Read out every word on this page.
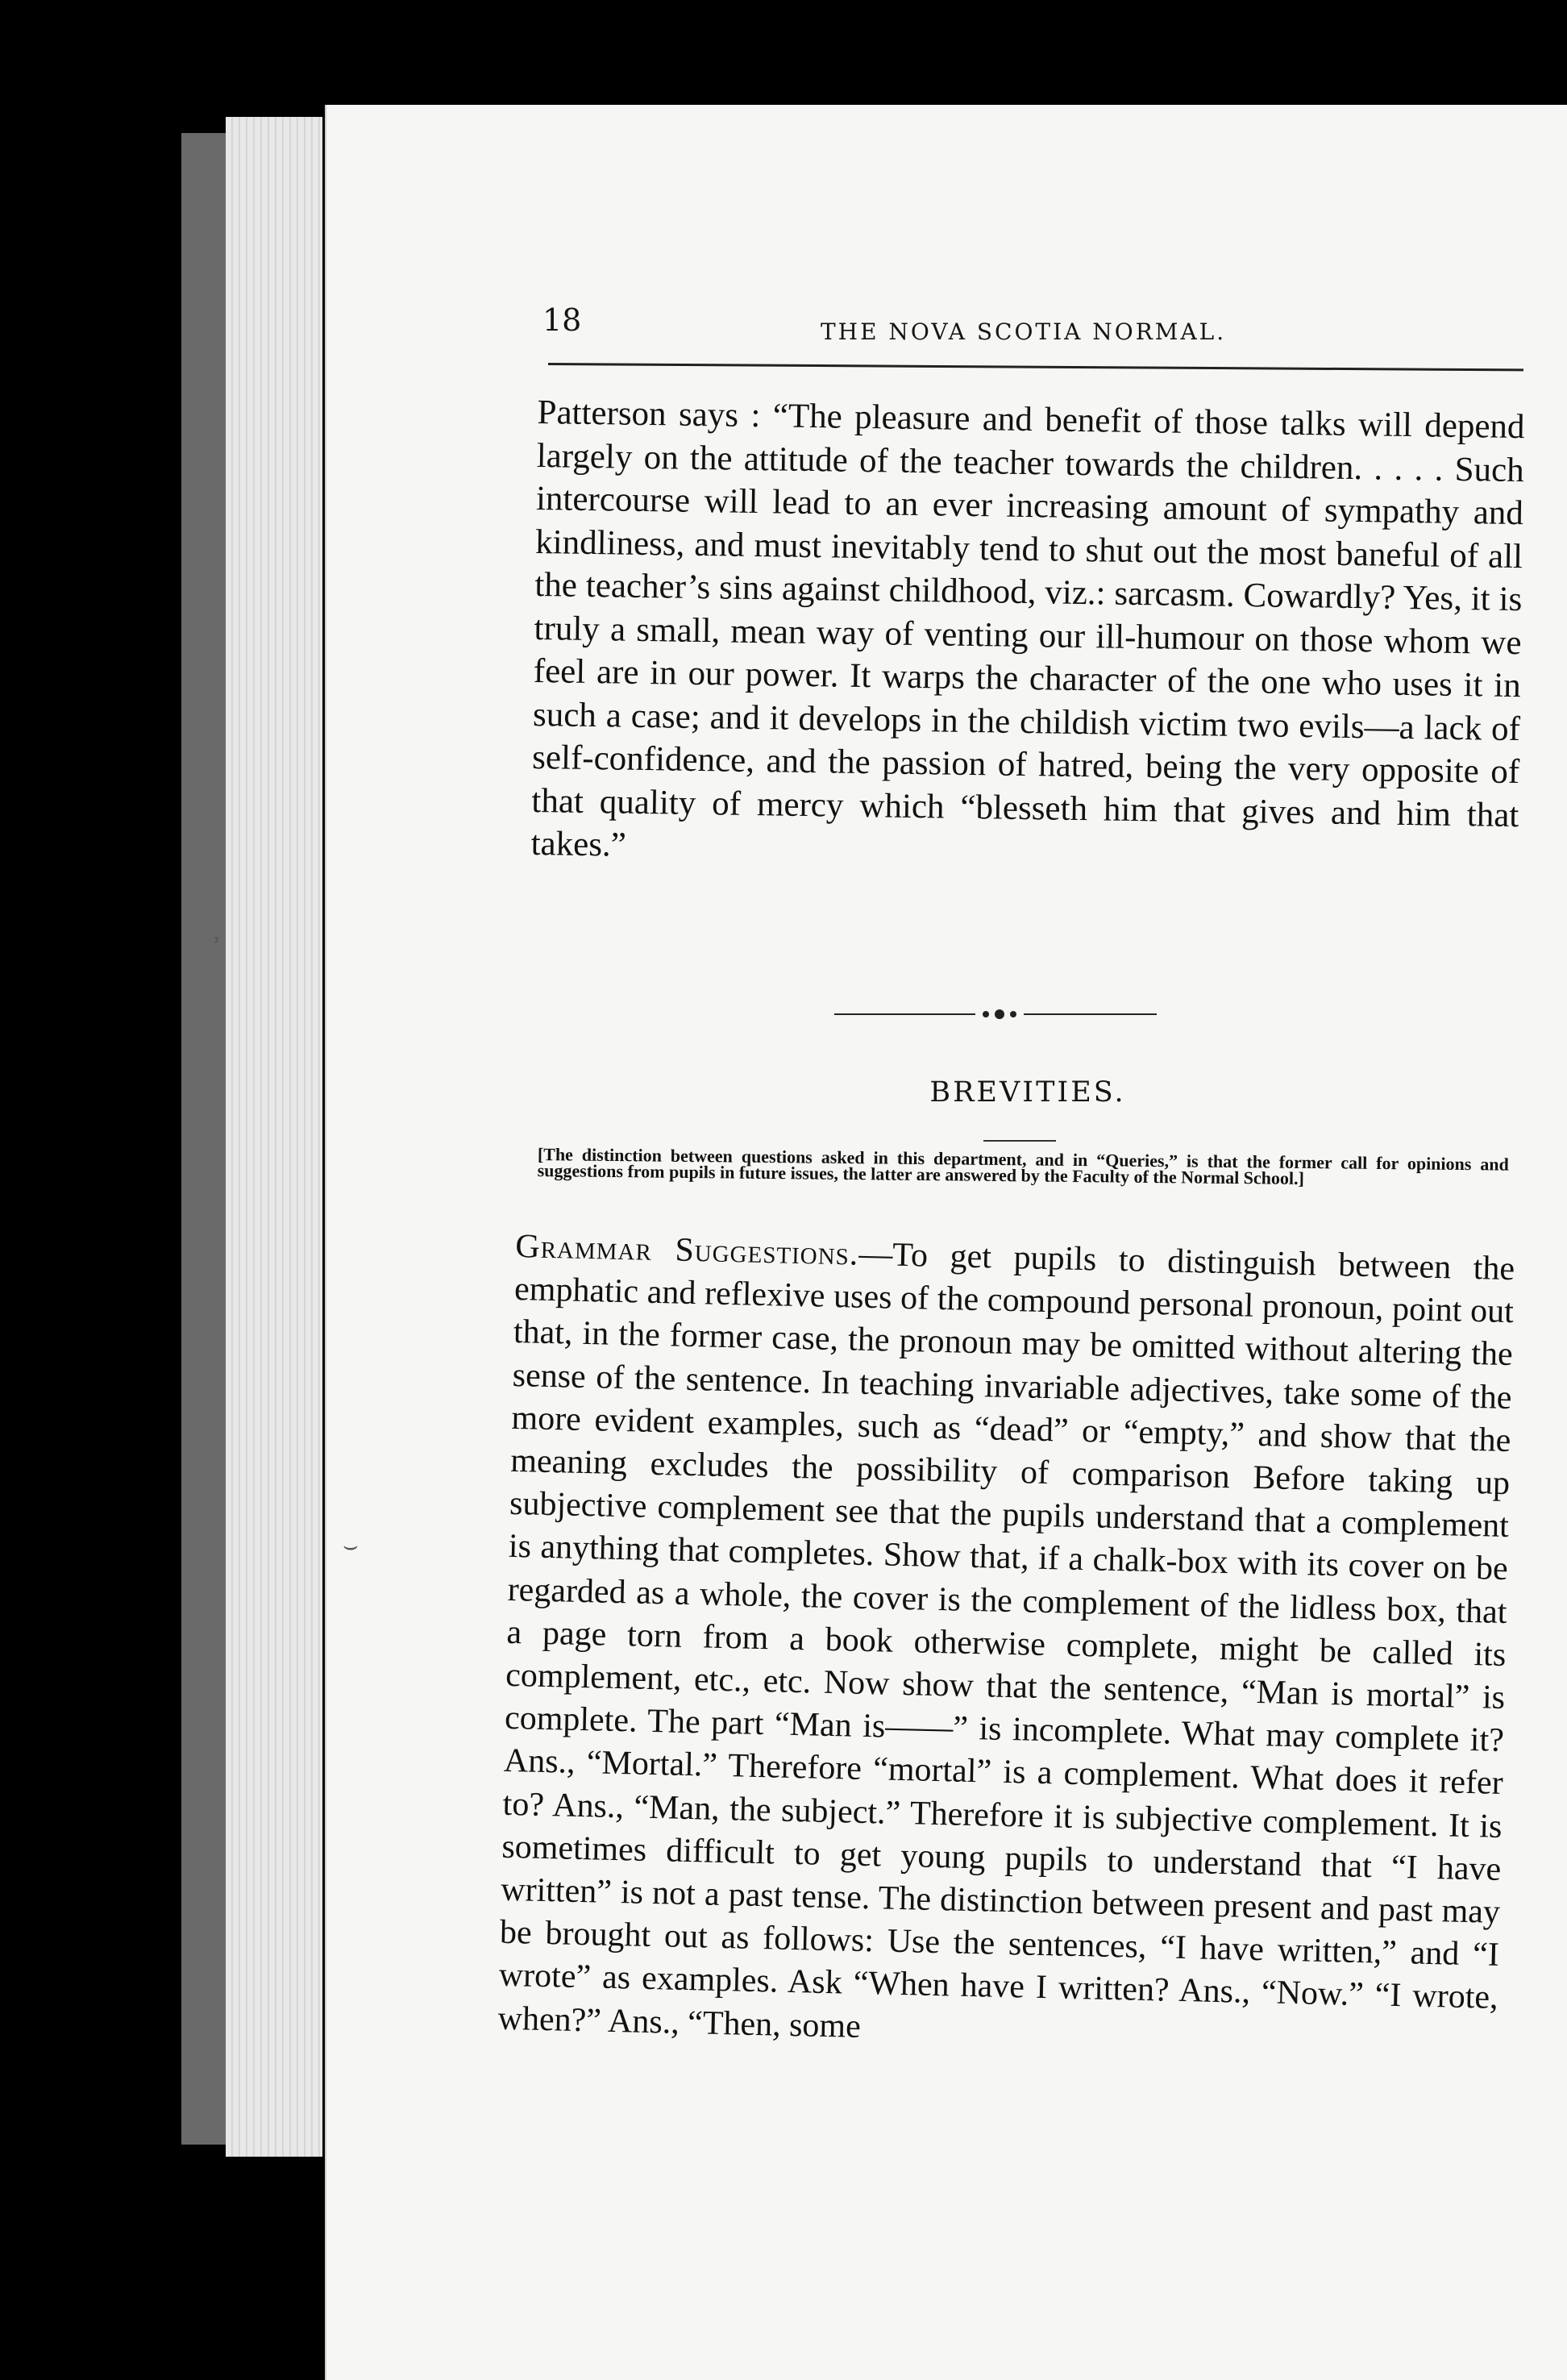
18	THE NOVA SCOTIA NORMAL.

Patterson says : “The pleasure and benefit of those talks will depend largely on the attitude of the teacher towards the children. . . . . Such intercourse will lead to an ever increasing amount of sympathy and kindliness, and must inevitably tend to shut out the most baneful of all the teacher’s sins against childhood, viz.: sarcasm. Cowardly? Yes, it is truly a small, mean way of venting our ill-humour on those whom we feel are in our power. It warps the character of the one who uses it in such a case; and it develops in the childish victim two evils—a lack of self-confidence, and the passion of hatred, being the very opposite of that quality of mercy which “blesseth him that gives and him that takes.”

BREVITIES.

[The distinction between questions asked in this department, and in “Queries,” is that the former call for opinions and suggestions from pupils in future issues, the latter are answered by the Faculty of the Normal School.]

Grammar Suggestions.—To get pupils to distinguish between the emphatic and reflexive uses of the compound personal pronoun, point out that, in the former case, the pronoun may be omitted without altering the sense of the sentence. In teaching invariable adjectives, take some of the more evident examples, such as “dead” or “empty,” and show that the meaning excludes the possibility of comparison Before taking up subjective complement see that the pupils understand that a complement is anything that completes. Show that, if a chalk-box with its cover on be regarded as a whole, the cover is the complement of the lidless box, that a page torn from a book otherwise complete, might be called its complement, etc., etc. Now show that the sentence, “Man is mortal” is complete. The part “Man is——” is incomplete. What may complete it? Ans., “Mortal.” Therefore “mortal” is a complement. What does it refer to? Ans., “Man, the subject.” Therefore it is subjective complement. It is sometimes difficult to get young pupils to understand that “I have written” is not a past tense. The distinction between present and past may be brought out as follows: Use the sentences, “I have written,” and “I wrote” as examples. Ask “When have I written? Ans., “Now.” “I wrote, when?” Ans., “Then, some

˒
⌣
